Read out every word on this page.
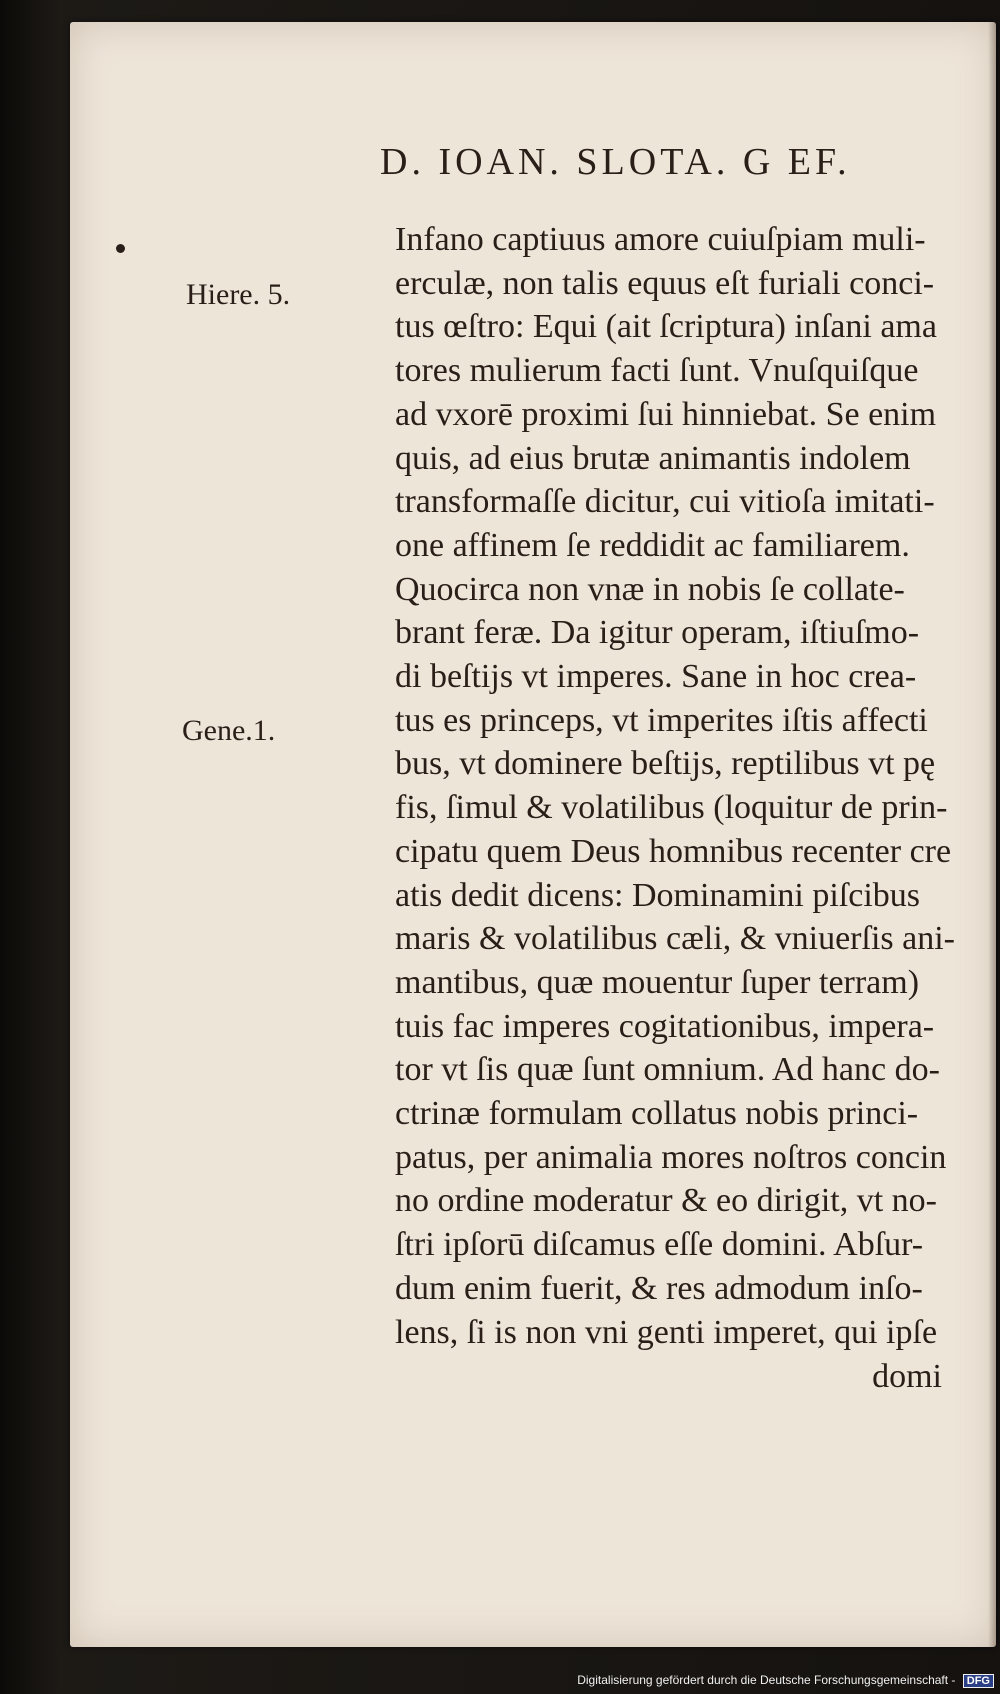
D. IOAN. SLOTA. G EF.
Hiere. 5.
Gene.1.
Infano captiuus amore cuiuſpiam muli-
erculæ, non talis equus eſt furiali conci-
tus œſtro: Equi (ait ſcriptura) inſani ama
tores mulierum facti ſunt. Vnuſquiſque
ad vxorē proximi ſui hinniebat. Se enim
quis, ad eius brutæ animantis indolem
transformaſſe dicitur, cui vitioſa imitati-
one affinem ſe reddidit ac familiarem.
Quocirca non vnæ in nobis ſe collate-
brant feræ. Da igitur operam, iſtiuſmo-
di beſtijs vt imperes. Sane in hoc crea-
tus es princeps, vt imperites iſtis affecti
bus, vt dominere beſtijs, reptilibus vt pę
fis, ſimul & volatilibus (loquitur de prin-
cipatu quem Deus homnibus recenter cre
atis dedit dicens: Dominamini piſcibus
maris & volatilibus cæli, & vniuerſis ani-
mantibus, quæ mouentur ſuper terram)
tuis fac imperes cogitationibus, impera-
tor vt ſis quæ ſunt omnium. Ad hanc do-
ctrinæ formulam collatus nobis princi-
patus, per animalia mores noſtros concin
no ordine moderatur & eo dirigit, vt no-
ſtri ipſorū diſcamus eſſe domini. Abſur-
dum enim fuerit, & res admodum inſo-
lens, ſi is non vni genti imperet, qui ipſe
domi
Digitalisierung gefördert durch die Deutsche Forschungsgemeinschaft - DFG
